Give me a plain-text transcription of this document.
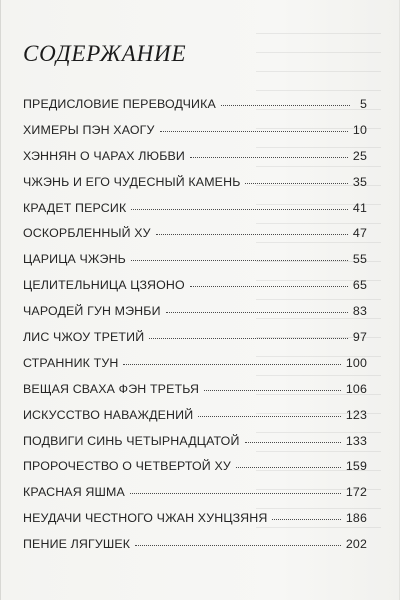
СОДЕРЖАНИЕ
ПРЕДИСЛОВИЕ ПЕРЕВОДЧИКА	5
ХИМЕРЫ ПЭН ХАОГУ	10
ХЭННЯН О ЧАРАХ ЛЮБВИ	25
ЧЖЭНЬ И ЕГО ЧУДЕСНЫЙ КАМЕНЬ	35
КРАДЕТ ПЕРСИК	41
ОСКОРБЛЕННЫЙ ХУ	47
ЦАРИЦА ЧЖЭНЬ	55
ЦЕЛИТЕЛЬНИЦА ЦЗЯОНО	65
ЧАРОДЕЙ ГУН МЭНБИ	83
ЛИС ЧЖОУ ТРЕТИЙ	97
СТРАННИК ТУН	100
ВЕЩАЯ СВАХА ФЭН ТРЕТЬЯ	106
ИСКУССТВО НАВАЖДЕНИЙ	123
ПОДВИГИ СИНЬ ЧЕТЫРНАДЦАТОЙ	133
ПРОРОЧЕСТВО О ЧЕТВЕРТОЙ ХУ	159
КРАСНАЯ ЯШМА	172
НЕУДАЧИ ЧЕСТНОГО ЧЖАН ХУНЦЗЯНЯ	186
ПЕНИЕ ЛЯГУШЕК	202
